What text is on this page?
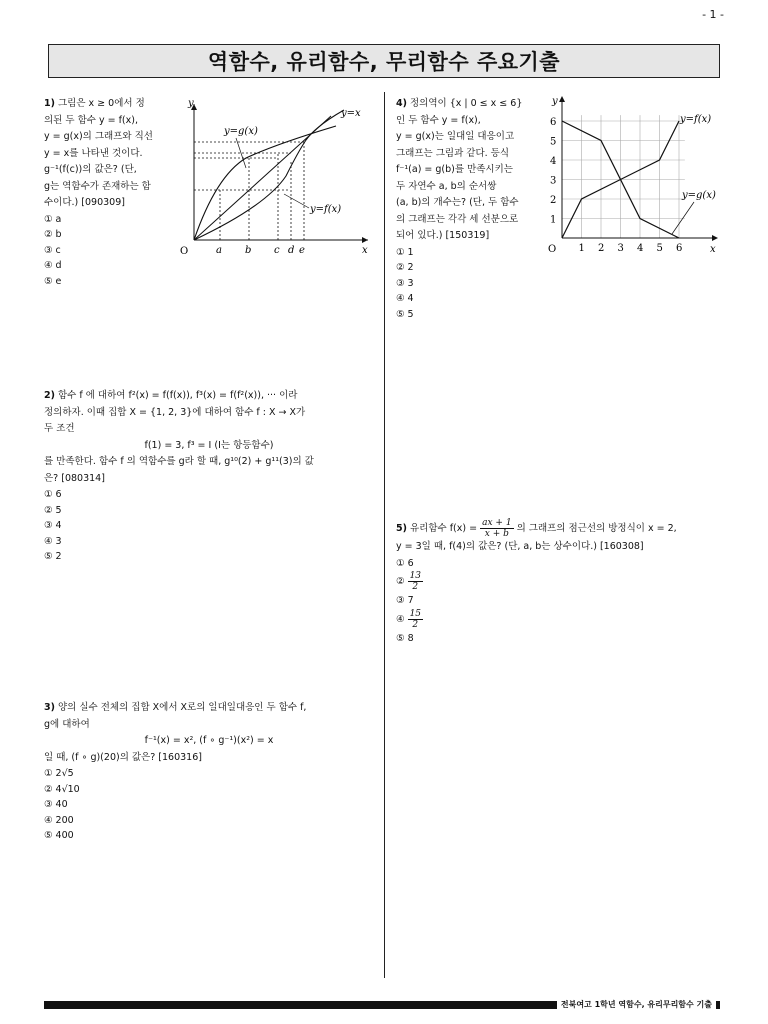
- 1 -
역함수, 유리함수, 무리함수 주요기출
1) 그림은 x ≥ 0에서 정
의된 두 함수 y = f(x),
y = g(x)의 그래프와 직선
y = x를 나타낸 것이다.
g⁻¹(f(c))의 값은? (단,
g는 역함수가 존재하는 함
수이다.) [090309]
① a
② b
③ c
④ d
⑤ e
y
x
O	a b c d e
y=x
y=g(x)
y=f(x)
2) 함수 f 에 대하여 f²(x) = f(f(x)), f³(x) = f(f²(x)), ··· 이라
정의하자. 이때 집합 X = {1, 2, 3}에 대하여 함수 f : X → X가
두 조건
f(1) = 3, f³ = I (I는 항등함수)
를 만족한다. 함수 f 의 역함수를 g라 할 때, g¹⁰(2) + g¹¹(3)의 값
은? [080314]
① 6
② 5
③ 4
④ 3
⑤ 2
3) 양의 실수 전체의 집합 X에서 X로의 일대일대응인 두 함수 f,
g에 대하여
f⁻¹(x) = x², (f ∘ g⁻¹)(x²) = x
일 때, (f ∘ g)(20)의 값은? [160316]
① 2√5
② 4√10
③ 40
④ 200
⑤ 400
4) 정의역이 {x | 0 ≤ x ≤ 6}
인 두 함수 y = f(x),
y = g(x)는 일대일 대응이고
그래프는 그림과 같다. 등식
f⁻¹(a) = g(b)를 만족시키는
두 자연수 a, b의 순서쌍
(a, b)의 개수는? (단, 두 함수
의 그래프는 각각 세 선분으로
되어 있다.) [150319]
① 1
② 2
③ 3
④ 4
⑤ 5
y
x
O 1 2 3 4 5 6
1
2
3
4
5
6	y=f(x)
y=g(x)
5) 유리함수 $f(x) = \frac{ax + 1}{x + b}$ 의 그래프의 점근선의 방정식이 x = 2,
y = 3일 때, f(4)의 값은? (단, a, b는 상수이다.) [160308]
① 6
② $\frac{13}{2}$
③ 7
④ $\frac{15}{2}$
⑤ 8
전북여고 1학년 역함수, 유리무리함수 기출
